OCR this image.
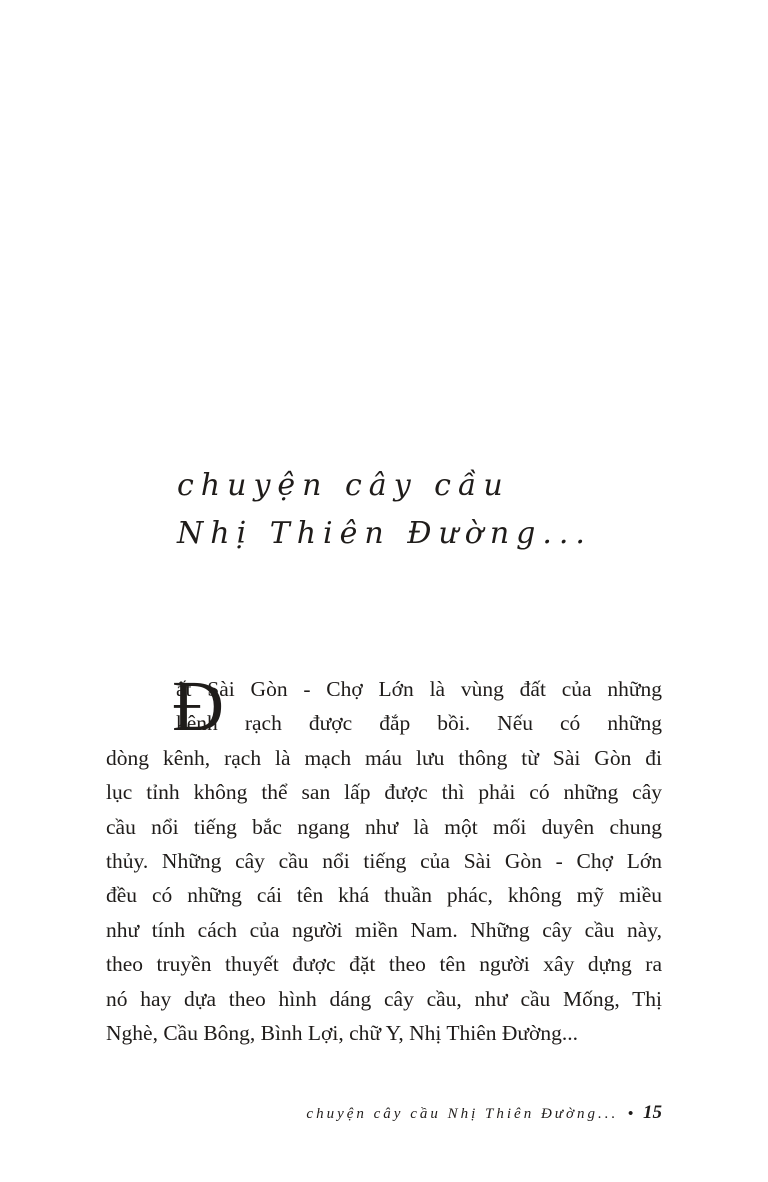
chuyện cây cầu
Nhị Thiên Đường...
Đ
ất Sài Gòn - Chợ Lớn là vùng đất của những
kênh rạch được đắp bồi. Nếu có những
dòng kênh, rạch là mạch máu lưu thông từ Sài Gòn đi
lục tỉnh không thể san lấp được thì phải có những cây
cầu nổi tiếng bắc ngang như là một mối duyên chung
thủy. Những cây cầu nổi tiếng của Sài Gòn - Chợ Lớn
đều có những cái tên khá thuần phác, không mỹ miều
như tính cách của người miền Nam. Những cây cầu này,
theo truyền thuyết được đặt theo tên người xây dựng ra
nó hay dựa theo hình dáng cây cầu, như cầu Mống, Thị
Nghè, Cầu Bông, Bình Lợi, chữ Y, Nhị Thiên Đường...
chuyện cây cầu Nhị Thiên Đường... • 15
